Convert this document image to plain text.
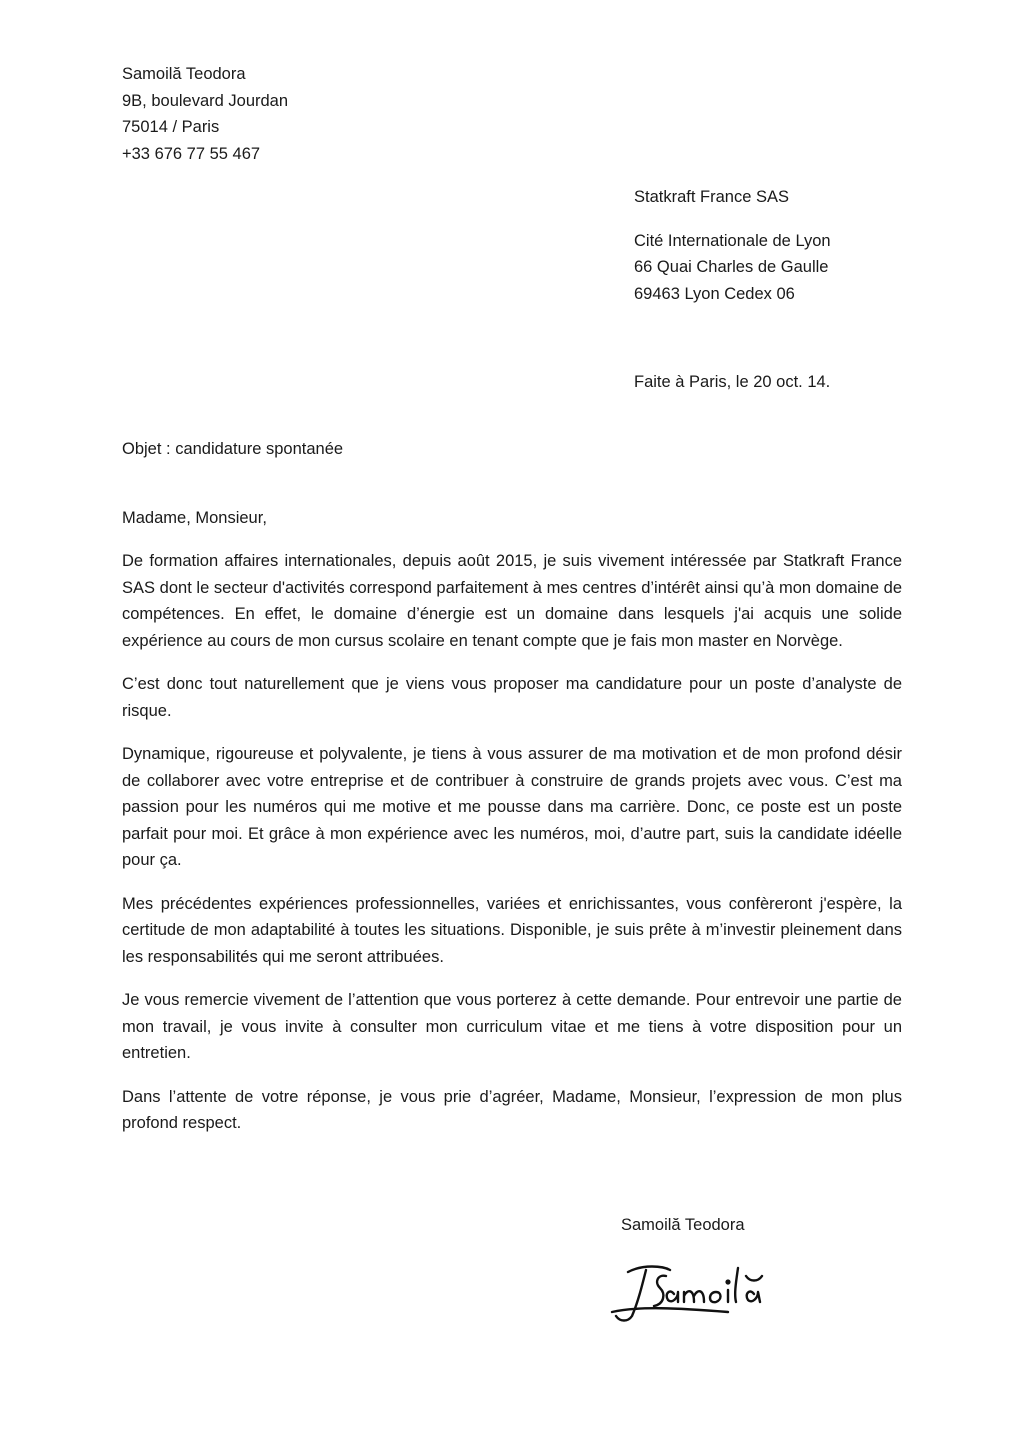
Samoilă Teodora
9B, boulevard Jourdan
75014 / Paris
+33 676 77 55 467
Statkraft France SAS
Cité Internationale de Lyon
66 Quai Charles de Gaulle
69463 Lyon Cedex 06
Faite à Paris, le 20 oct. 14.
Objet : candidature spontanée
Madame, Monsieur,

De formation affaires internationales, depuis août 2015, je suis vivement intéressée par Statkraft France SAS dont le secteur d'activités correspond parfaitement à mes centres d’intérêt ainsi qu’à mon domaine de compétences. En effet, le domaine d’énergie est un domaine dans lesquels j'ai acquis une solide expérience au cours de mon cursus scolaire en tenant compte que je fais mon master en Norvège.

C’est donc tout naturellement que je viens vous proposer ma candidature pour un poste d’analyste de risque.

Dynamique, rigoureuse et polyvalente, je tiens à vous assurer de ma motivation et de mon profond désir de collaborer avec votre entreprise et de contribuer à construire de grands projets avec vous. C’est ma passion pour les numéros qui me motive et me pousse dans ma carrière. Donc, ce poste est un poste parfait pour moi. Et grâce à mon expérience avec les numéros, moi, d’autre part, suis la candidate idéelle pour ça.

Mes précédentes expériences professionnelles, variées et enrichissantes, vous confèreront j'espère, la certitude de mon adaptabilité à toutes les situations. Disponible, je suis prête à m’investir pleinement dans les responsabilités qui me seront attribuées.

Je vous remercie vivement de l’attention que vous porterez à cette demande. Pour entrevoir une partie de mon travail, je vous invite à consulter mon curriculum vitae et me tiens à votre disposition pour un entretien.

Dans l’attente de votre réponse, je vous prie d’agréer, Madame, Monsieur, l’expression de mon plus profond respect.

Samoilă Teodora
